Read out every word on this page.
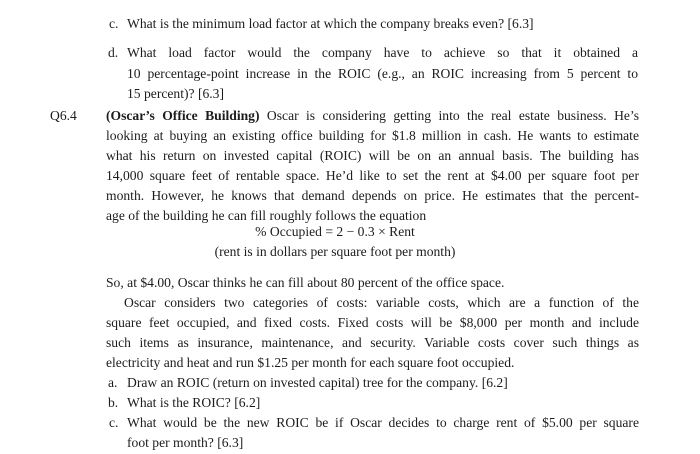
c. What is the minimum load factor at which the company breaks even? [6.3]
d. What load factor would the company have to achieve so that it obtained a
10 percentage-point increase in the ROIC (e.g., an ROIC increasing from 5 percent to
15 percent)? [6.3]
Q6.4 (Oscar’s Office Building) Oscar is considering getting into the real estate business. He’s
looking at buying an existing office building for $1.8 million in cash. He wants to estimate
what his return on invested capital (ROIC) will be on an annual basis. The building has
14,000 square feet of rentable space. He’d like to set the rent at $4.00 per square foot per
month. However, he knows that demand depends on price. He estimates that the percent-
age of the building he can fill roughly follows the equation
% Occupied = 2 − 0.3 × Rent
(rent is in dollars per square foot per month)
So, at $4.00, Oscar thinks he can fill about 80 percent of the office space.
Oscar considers two categories of costs: variable costs, which are a function of the
square feet occupied, and fixed costs. Fixed costs will be $8,000 per month and include
such items as insurance, maintenance, and security. Variable costs cover such things as
electricity and heat and run $1.25 per month for each square foot occupied.
a. Draw an ROIC (return on invested capital) tree for the company. [6.2]
b. What is the ROIC? [6.2]
c. What would be the new ROIC be if Oscar decides to charge rent of $5.00 per square
foot per month? [6.3]
